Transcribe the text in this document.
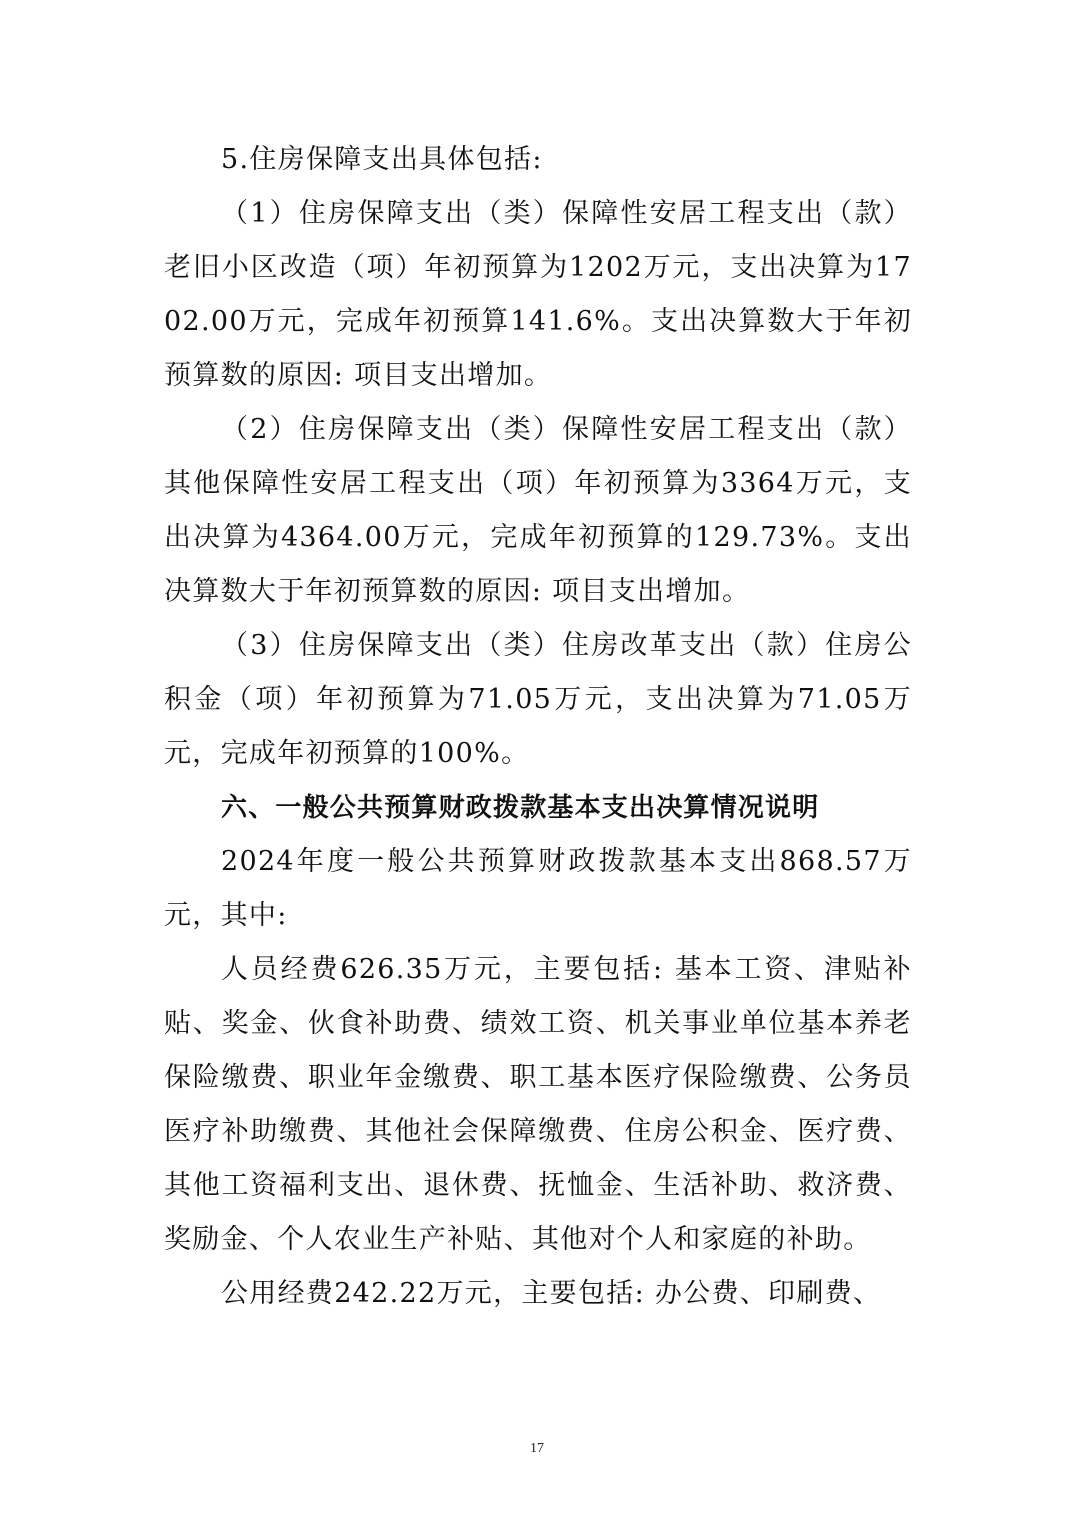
5.住房保障支出具体包括:

（1）住房保障支出（类）保障性安居工程支出（款）老旧小区改造（项）年初预算为1202万元，支出决算为1702.00万元，完成年初预算141.6%。支出决算数大于年初预算数的原因: 项目支出增加。

（2）住房保障支出（类）保障性安居工程支出（款）其他保障性安居工程支出（项）年初预算为3364万元，支出决算为4364.00万元，完成年初预算的129.73%。支出决算数大于年初预算数的原因: 项目支出增加。

（3）住房保障支出（类）住房改革支出（款）住房公积金（项）年初预算为71.05万元，支出决算为71.05万元，完成年初预算的100%。

六、一般公共预算财政拨款基本支出决算情况说明

2024年度一般公共预算财政拨款基本支出868.57万元，其中:

人员经费626.35万元，主要包括: 基本工资、津贴补贴、奖金、伙食补助费、绩效工资、机关事业单位基本养老保险缴费、职业年金缴费、职工基本医疗保险缴费、公务员医疗补助缴费、其他社会保障缴费、住房公积金、医疗费、其他工资福利支出、退休费、抚恤金、生活补助、救济费、奖励金、个人农业生产补贴、其他对个人和家庭的补助。

公用经费242.22万元，主要包括: 办公费、印刷费、

17
